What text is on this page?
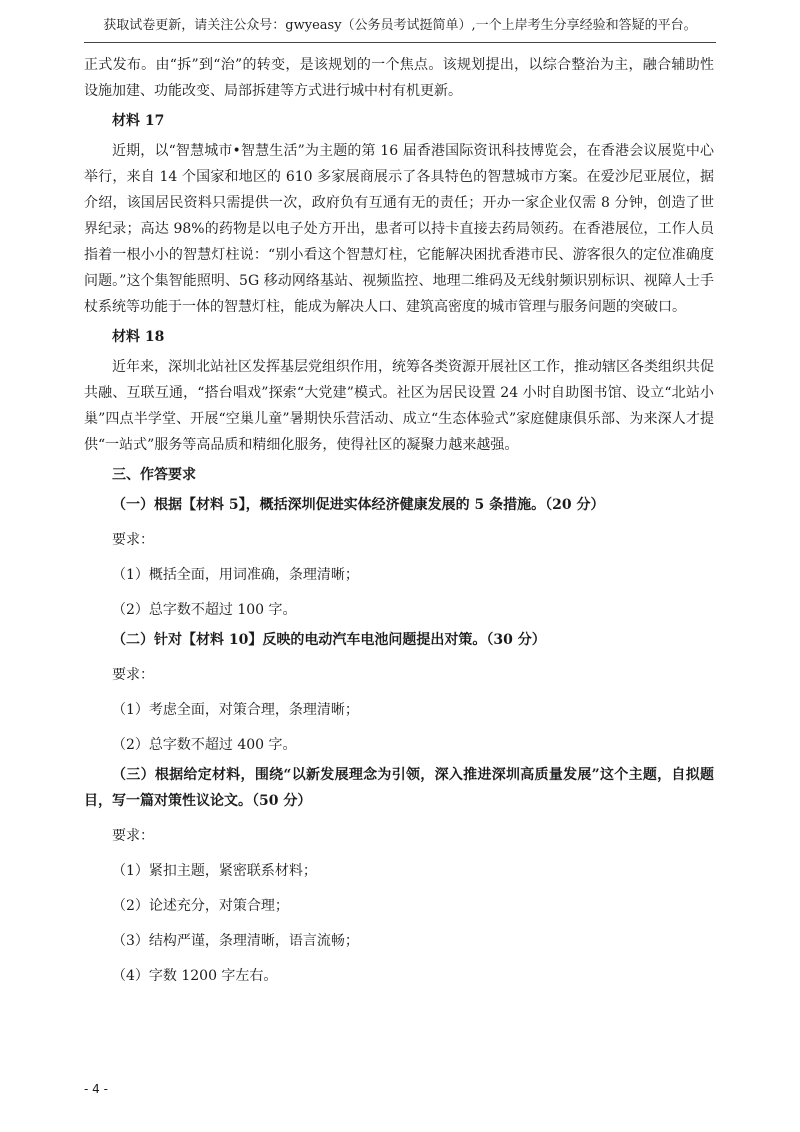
获取试卷更新，请关注公众号：gwyeasy（公务员考试挺简单）,一个上岸考生分享经验和答疑的平台。

正式发布。由“拆”到“治”的转变，是该规划的一个焦点。该规划提出，以综合整治为主，融合辅助性设施加建、功能改变、局部拆建等方式进行城中村有机更新。

材料 17

近期，以“智慧城市•智慧生活”为主题的第 16 届香港国际资讯科技博览会，在香港会议展览中心举行，来自 14 个国家和地区的 610 多家展商展示了各具特色的智慧城市方案。在爱沙尼亚展位，据介绍，该国居民资料只需提供一次，政府负有互通有无的责任；开办一家企业仅需 8 分钟，创造了世界纪录；高达 98%的药物是以电子处方开出，患者可以持卡直接去药局领药。在香港展位，工作人员指着一根小小的智慧灯柱说：“别小看这个智慧灯柱，它能解决困扰香港市民、游客很久的定位准确度问题。”这个集智能照明、5G 移动网络基站、视频监控、地理二维码及无线射频识别标识、视障人士手杖系统等功能于一体的智慧灯柱，能成为解决人口、建筑高密度的城市管理与服务问题的突破口。

材料 18

近年来，深圳北站社区发挥基层党组织作用，统筹各类资源开展社区工作，推动辖区各类组织共促共融、互联互通，“搭台唱戏”探索“大党建”模式。社区为居民设置 24 小时自助图书馆、设立“北站小巢”四点半学堂、开展“空巢儿童”暑期快乐营活动、成立“生态体验式”家庭健康俱乐部、为来深人才提供“一站式”服务等高品质和精细化服务，使得社区的凝聚力越来越强。

三、作答要求

（一）根据【材料 5】，概括深圳促进实体经济健康发展的 5 条措施。（20 分）

要求：

（1）概括全面，用词准确，条理清晰；

（2）总字数不超过 100 字。

（二）针对【材料 10】反映的电动汽车电池问题提出对策。（30 分）

要求：

（1）考虑全面，对策合理，条理清晰；

（2）总字数不超过 400 字。

（三）根据给定材料，围绕“以新发展理念为引领，深入推进深圳高质量发展”这个主题，自拟题目，写一篇对策性议论文。（50 分）

要求：

（1）紧扣主题，紧密联系材料；

（2）论述充分，对策合理；

（3）结构严谨，条理清晰，语言流畅；

（4）字数 1200 字左右。

- 4 -
